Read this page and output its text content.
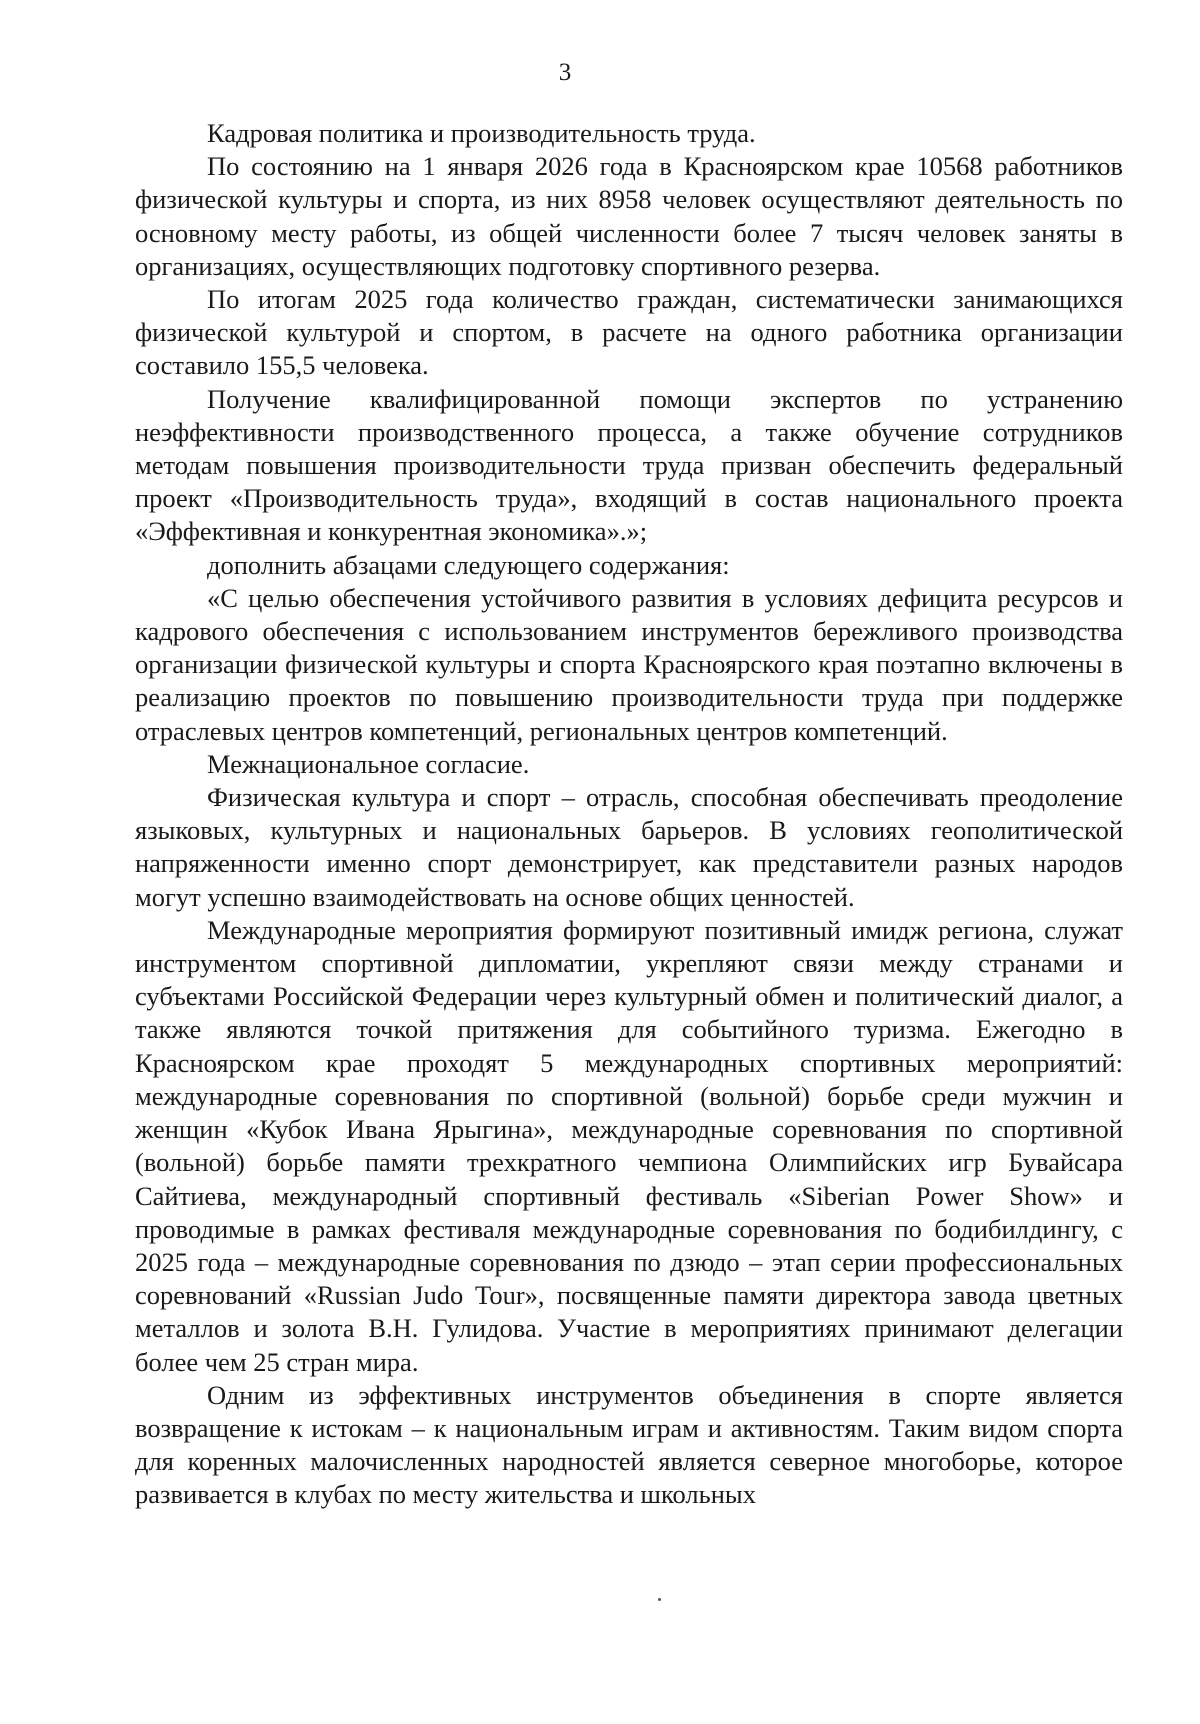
3

Кадровая политика и производительность труда.

По состоянию на 1 января 2026 года в Красноярском крае 10568 работников физической культуры и спорта, из них 8958 человек осуществляют деятельность по основному месту работы, из общей численности более 7 тысяч человек заняты в организациях, осуществляющих подготовку спортивного резерва.

По итогам 2025 года количество граждан, систематически занимающихся физической культурой и спортом, в расчете на одного работника организации составило 155,5 человека.

Получение квалифицированной помощи экспертов по устранению неэффективности производственного процесса, а также обучение сотрудников методам повышения производительности труда призван обеспечить федеральный проект «Производительность труда», входящий в состав национального проекта «Эффективная и конкурентная экономика».»;

дополнить абзацами следующего содержания:

«С целью обеспечения устойчивого развития в условиях дефицита ресурсов и кадрового обеспечения с использованием инструментов бережливого производства организации физической культуры и спорта Красноярского края поэтапно включены в реализацию проектов по повышению производительности труда при поддержке отраслевых центров компетенций, региональных центров компетенций.

Межнациональное согласие.

Физическая культура и спорт – отрасль, способная обеспечивать преодоление языковых, культурных и национальных барьеров. В условиях геополитической напряженности именно спорт демонстрирует, как представители разных народов могут успешно взаимодействовать на основе общих ценностей.

Международные мероприятия формируют позитивный имидж региона, служат инструментом спортивной дипломатии, укрепляют связи между странами и субъектами Российской Федерации через культурный обмен и политический диалог, а также являются точкой притяжения для событийного туризма. Ежегодно в Красноярском крае проходят 5 международных спортивных мероприятий: международные соревнования по спортивной (вольной) борьбе среди мужчин и женщин «Кубок Ивана Ярыгина», международные соревнования по спортивной (вольной) борьбе памяти трехкратного чемпиона Олимпийских игр Бувайсара Сайтиева, международный спортивный фестиваль «Siberian Power Show» и проводимые в рамках фестиваля международные соревнования по бодибилдингу, с 2025 года – международные соревнования по дзюдо – этап серии профессиональных соревнований «Russian Judo Tour», посвященные памяти директора завода цветных металлов и золота В.Н. Гулидова. Участие в мероприятиях принимают делегации более чем 25 стран мира.

Одним из эффективных инструментов объединения в спорте является возвращение к истокам – к национальным играм и активностям. Таким видом спорта для коренных малочисленных народностей является северное многоборье, которое развивается в клубах по месту жительства и школьных
